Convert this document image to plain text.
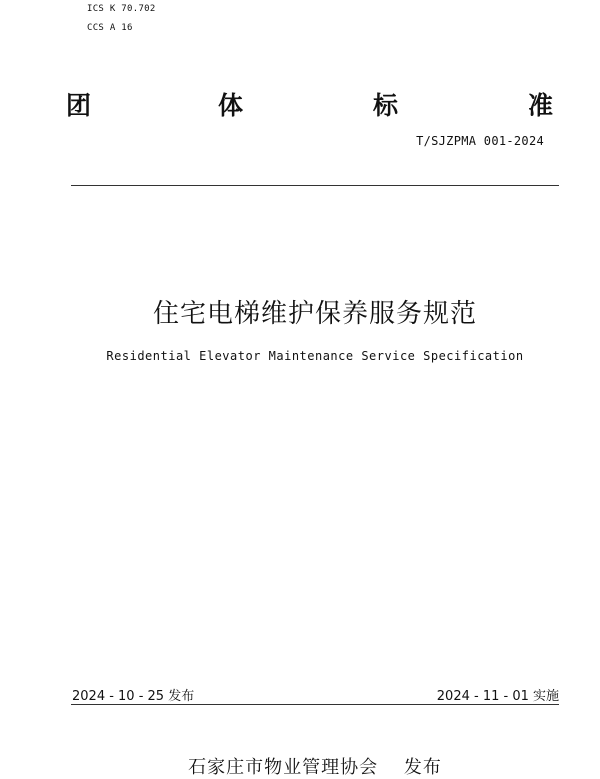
ICS K 70.702
CCS A 16
团	体	标	准
T/SJZPMA 001-2024
住宅电梯维护保养服务规范
Residential Elevator Maintenance Service Specification
2024 - 10 - 25 发布	2024 - 11 - 01 实施
石家庄市物业管理协会　 发布
